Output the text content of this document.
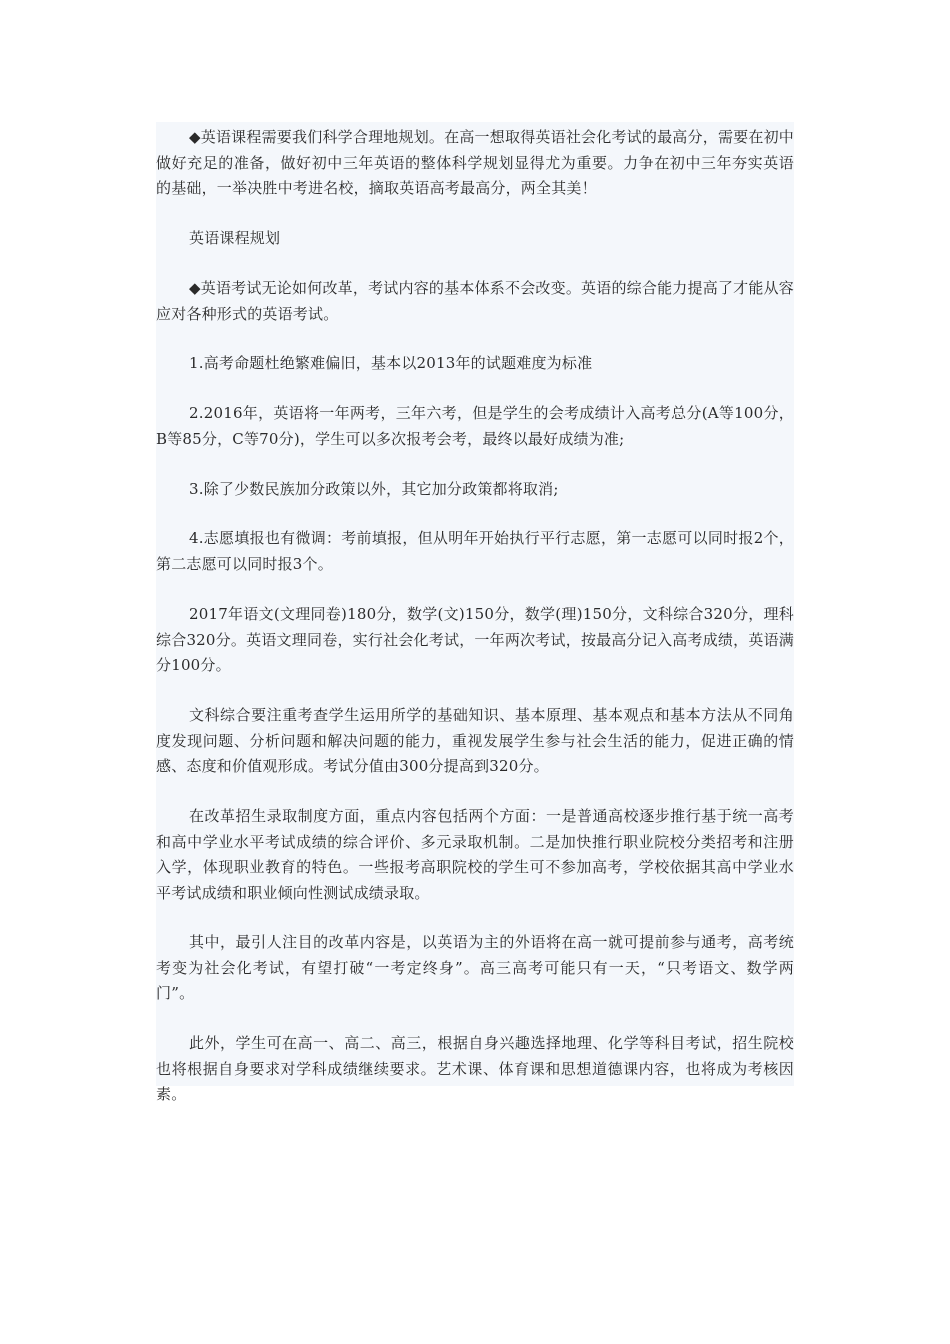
◆英语课程需要我们科学合理地规划。在高一想取得英语社会化考试的最高分，需要在初中做好充足的准备，做好初中三年英语的整体科学规划显得尤为重要。力争在初中三年夯实英语的基础，一举决胜中考进名校，摘取英语高考最高分，两全其美！

英语课程规划

◆英语考试无论如何改革，考试内容的基本体系不会改变。英语的综合能力提高了才能从容应对各种形式的英语考试。

1.高考命题杜绝繁难偏旧，基本以2013年的试题难度为标准

2.2016年，英语将一年两考，三年六考，但是学生的会考成绩计入高考总分(A等100分，B等85分，C等70分)，学生可以多次报考会考，最终以最好成绩为准;

3.除了少数民族加分政策以外，其它加分政策都将取消;

4.志愿填报也有微调：考前填报，但从明年开始执行平行志愿，第一志愿可以同时报2个，第二志愿可以同时报3个。

2017年语文(文理同卷)180分，数学(文)150分，数学(理)150分，文科综合320分，理科综合320分。英语文理同卷，实行社会化考试，一年两次考试，按最高分记入高考成绩，英语满分100分。

文科综合要注重考查学生运用所学的基础知识、基本原理、基本观点和基本方法从不同角度发现问题、分析问题和解决问题的能力，重视发展学生参与社会生活的能力，促进正确的情感、态度和价值观形成。考试分值由300分提高到320分。

在改革招生录取制度方面，重点内容包括两个方面：一是普通高校逐步推行基于统一高考和高中学业水平考试成绩的综合评价、多元录取机制。二是加快推行职业院校分类招考和注册入学，体现职业教育的特色。一些报考高职院校的学生可不参加高考，学校依据其高中学业水平考试成绩和职业倾向性测试成绩录取。

其中，最引人注目的改革内容是，以英语为主的外语将在高一就可提前参与通考，高考统考变为社会化考试，有望打破“一考定终身”。高三高考可能只有一天，“只考语文、数学两门”。

此外，学生可在高一、高二、高三，根据自身兴趣选择地理、化学等科目考试，招生院校也将根据自身要求对学科成绩继续要求。艺术课、体育课和思想道德课内容，也将成为考核因素。
